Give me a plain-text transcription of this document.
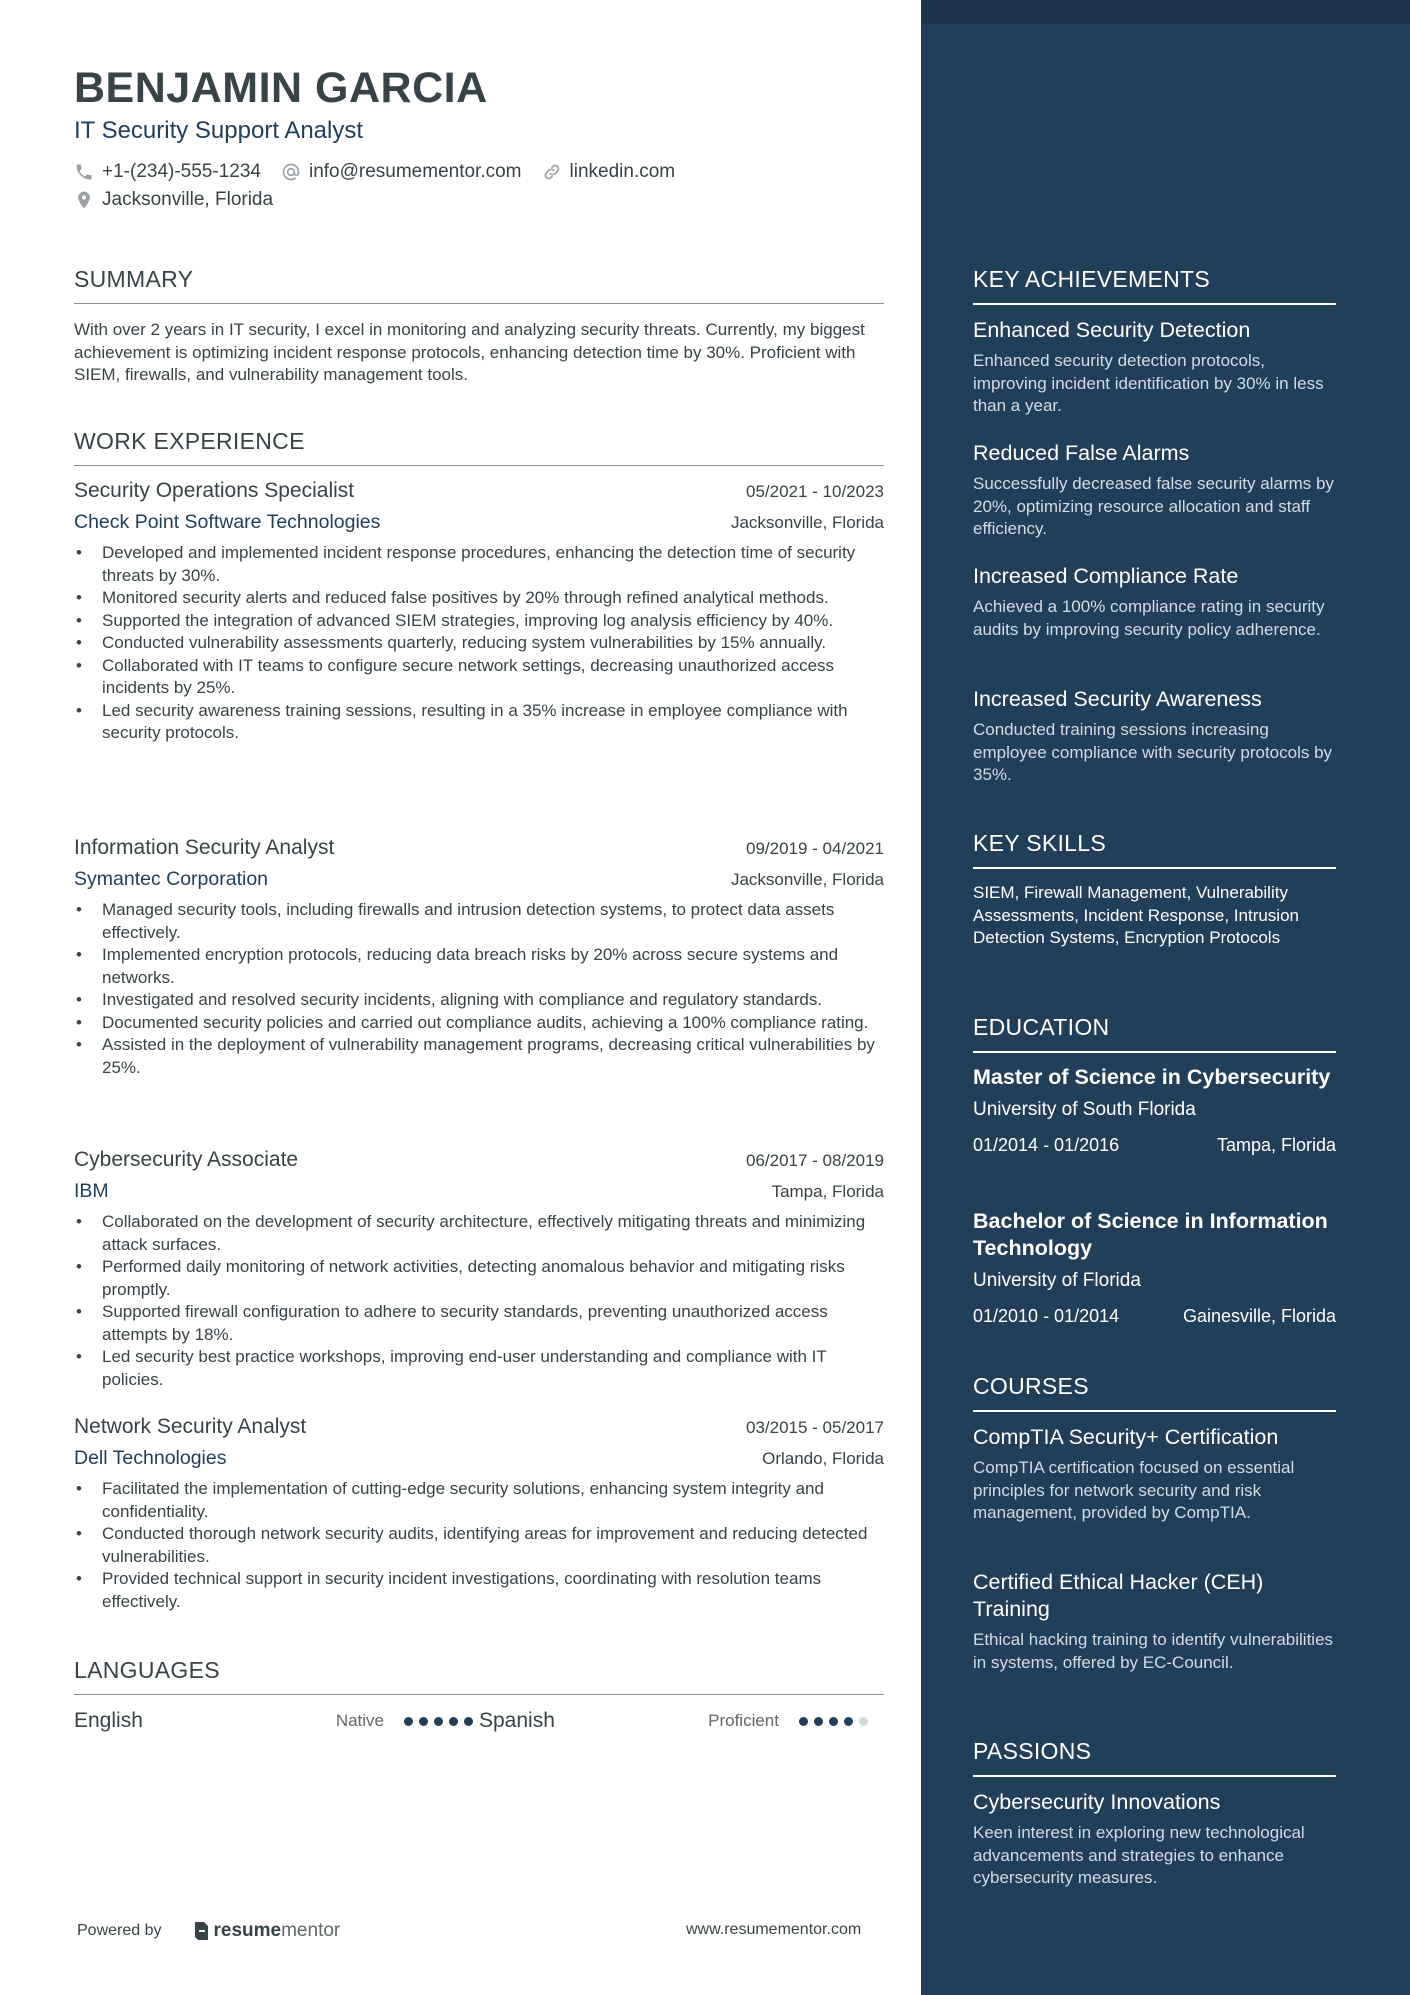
BENJAMIN GARCIA
IT Security Support Analyst
+1-(234)-555-1234	info@resumementor.com	linkedin.com
Jacksonville, Florida
SUMMARY
With over 2 years in IT security, I excel in monitoring and analyzing security threats. Currently, my biggest achievement is optimizing incident response protocols, enhancing detection time by 30%. Proficient with SIEM, firewalls, and vulnerability management tools.
WORK EXPERIENCE
Security Operations Specialist	05/2021 - 10/2023
Check Point Software Technologies	Jacksonville, Florida
• Developed and implemented incident response procedures, enhancing the detection time of security threats by 30%.
• Monitored security alerts and reduced false positives by 20% through refined analytical methods.
• Supported the integration of advanced SIEM strategies, improving log analysis efficiency by 40%.
• Conducted vulnerability assessments quarterly, reducing system vulnerabilities by 15% annually.
• Collaborated with IT teams to configure secure network settings, decreasing unauthorized access incidents by 25%.
• Led security awareness training sessions, resulting in a 35% increase in employee compliance with security protocols.
Information Security Analyst	09/2019 - 04/2021
Symantec Corporation	Jacksonville, Florida
• Managed security tools, including firewalls and intrusion detection systems, to protect data assets effectively.
• Implemented encryption protocols, reducing data breach risks by 20% across secure systems and networks.
• Investigated and resolved security incidents, aligning with compliance and regulatory standards.
• Documented security policies and carried out compliance audits, achieving a 100% compliance rating.
• Assisted in the deployment of vulnerability management programs, decreasing critical vulnerabilities by 25%.
Cybersecurity Associate	06/2017 - 08/2019
IBM	Tampa, Florida
• Collaborated on the development of security architecture, effectively mitigating threats and minimizing attack surfaces.
• Performed daily monitoring of network activities, detecting anomalous behavior and mitigating risks promptly.
• Supported firewall configuration to adhere to security standards, preventing unauthorized access attempts by 18%.
• Led security best practice workshops, improving end-user understanding and compliance with IT policies.
Network Security Analyst	03/2015 - 05/2017
Dell Technologies	Orlando, Florida
• Facilitated the implementation of cutting-edge security solutions, enhancing system integrity and confidentiality.
• Conducted thorough network security audits, identifying areas for improvement and reducing detected vulnerabilities.
• Provided technical support in security incident investigations, coordinating with resolution teams effectively.
LANGUAGES
English	Native	Spanish	Proficient
Powered by	resume mentor	www.resumementor.com
KEY ACHIEVEMENTS
Enhanced Security Detection
Enhanced security detection protocols, improving incident identification by 30% in less than a year.
Reduced False Alarms
Successfully decreased false security alarms by 20%, optimizing resource allocation and staff efficiency.
Increased Compliance Rate
Achieved a 100% compliance rating in security audits by improving security policy adherence.
Increased Security Awareness
Conducted training sessions increasing employee compliance with security protocols by 35%.
KEY SKILLS
SIEM, Firewall Management, Vulnerability Assessments, Incident Response, Intrusion Detection Systems, Encryption Protocols
EDUCATION
Master of Science in Cybersecurity
University of South Florida
01/2014 - 01/2016	Tampa, Florida
Bachelor of Science in Information Technology
University of Florida
01/2010 - 01/2014	Gainesville, Florida
COURSES
CompTIA Security+ Certification
CompTIA certification focused on essential principles for network security and risk management, provided by CompTIA.
Certified Ethical Hacker (CEH) Training
Ethical hacking training to identify vulnerabilities in systems, offered by EC-Council.
PASSIONS
Cybersecurity Innovations
Keen interest in exploring new technological advancements and strategies to enhance cybersecurity measures.
